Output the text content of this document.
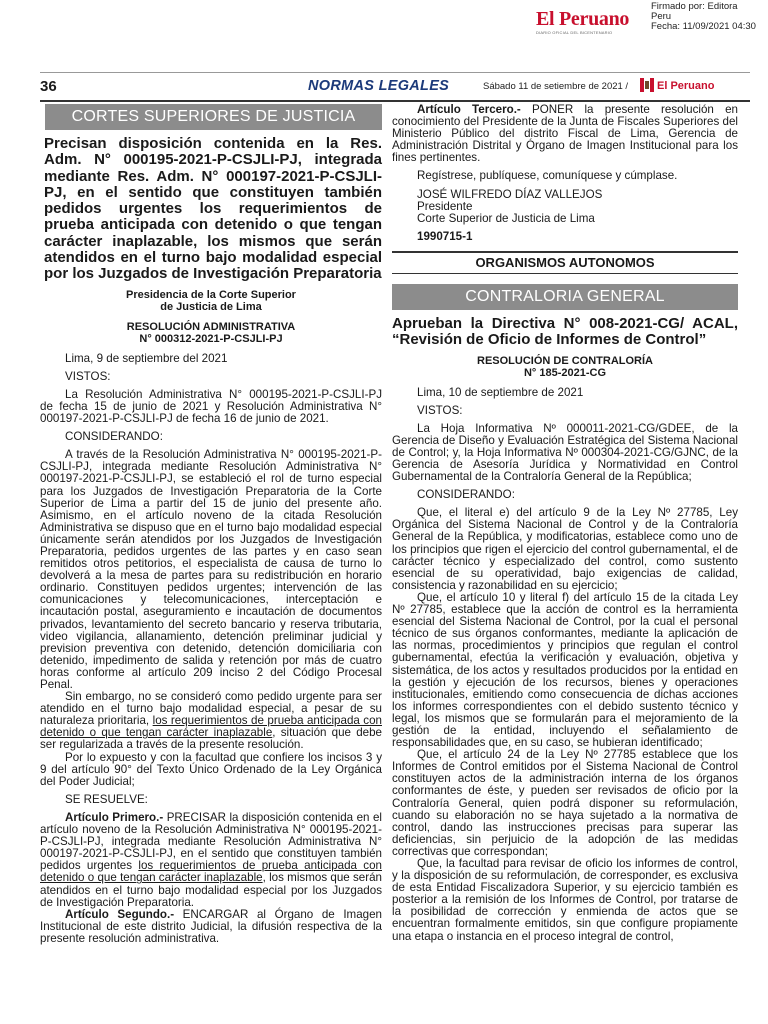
Firmado por: Editora
Peru
Fecha: 11/09/2021 04:30
El Peruano
DIARIO OFICIAL DEL BICENTENARIO
36	NORMAS LEGALES	Sábado 11 de setiembre de 2021 /	El Peruano
CORTES SUPERIORES DE JUSTICIA
Precisan disposición contenida en la Res. Adm. N° 000195-2021-P-CSJLI-PJ, integrada mediante Res. Adm. N° 000197-2021-P-CSJLI-PJ, en el sentido que constituyen también pedidos urgentes los requerimientos de prueba anticipada con detenido o que tengan carácter inaplazable, los mismos que serán atendidos en el turno bajo modalidad especial por los Juzgados de Investigación Preparatoria
Presidencia de la Corte Superior
de Justicia de Lima
RESOLUCIÓN ADMINISTRATIVA
N° 000312-2021-P-CSJLI-PJ

Lima, 9 de septiembre del 2021

VISTOS:

La Resolución Administrativa N° 000195-2021-P-CSJLI-PJ de fecha 15 de junio de 2021 y Resolución Administrativa N° 000197-2021-P-CSJLI-PJ de fecha 16 de junio de 2021.

CONSIDERANDO:

A través de la Resolución Administrativa N° 000195-2021-P-CSJLI-PJ, integrada mediante Resolución Administrativa N° 000197-2021-P-CSJLI-PJ, se estableció el rol de turno especial para los Juzgados de Investigación Preparatoria de la Corte Superior de Lima a partir del 15 de junio del presente año. Asimismo, en el artículo noveno de la citada Resolución Administrativa se dispuso que en el turno bajo modalidad especial únicamente serán atendidos por los Juzgados de Investigación Preparatoria, pedidos urgentes de las partes y en caso sean remitidos otros petitorios, el especialista de causa de turno lo devolverá a la mesa de partes para su redistribución en horario ordinario. Constituyen pedidos urgentes; intervención de las comunicaciones y telecomunicaciones, interceptación e incautación postal, aseguramiento e incautación de documentos privados, levantamiento del secreto bancario y reserva tributaria, video vigilancia, allanamiento, detención preliminar judicial y prevision preventiva con detenido, detención domiciliaria con detenido, impedimento de salida y retención por más de cuatro horas conforme al artículo 209 inciso 2 del Código Procesal Penal.

Sin embargo, no se consideró como pedido urgente para ser atendido en el turno bajo modalidad especial, a pesar de su naturaleza prioritaria, los requerimientos de prueba anticipada con detenido o que tengan carácter inaplazable, situación que debe ser regularizada a través de la presente resolución.

Por lo expuesto y con la facultad que confiere los incisos 3 y 9 del artículo 90° del Texto Único Ordenado de la Ley Orgánica del Poder Judicial;

SE RESUELVE:

Artículo Primero.- PRECISAR la disposición contenida en el artículo noveno de la Resolución Administrativa N° 000195-2021-P-CSJLI-PJ, integrada mediante Resolución Administrativa N° 000197-2021-P-CSJLI-PJ, en el sentido que constituyen también pedidos urgentes los requerimientos de prueba anticipada con detenido o que tengan carácter inaplazable, los mismos que serán atendidos en el turno bajo modalidad especial por los Juzgados de Investigación Preparatoria.

Artículo Segundo.- ENCARGAR al Órgano de Imagen Institucional de este distrito Judicial, la difusión respectiva de la presente resolución administrativa.

Artículo Tercero.- PONER la presente resolución en conocimiento del Presidente de la Junta de Fiscales Superiores del Ministerio Público del distrito Fiscal de Lima, Gerencia de Administración Distrital y Órgano de Imagen Institucional para los fines pertinentes.

Regístrese, publíquese, comuníquese y cúmplase.

JOSÉ WILFREDO DÍAZ VALLEJOS

Presidente

Corte Superior de Justicia de Lima

1990715-1

ORGANISMOS AUTONOMOS
CONTRALORIA GENERAL
Aprueban la Directiva N° 008-2021-CG/ ACAL, “Revisión de Oficio de Informes de Control”
RESOLUCIÓN DE CONTRALORÍA
N° 185-2021-CG

Lima, 10 de septiembre de 2021

VISTOS:

La Hoja Informativa Nº 000011-2021-CG/GDEE, de la Gerencia de Diseño y Evaluación Estratégica del Sistema Nacional de Control; y, la Hoja Informativa Nº 000304-2021-CG/GJNC, de la Gerencia de Asesoría Jurídica y Normatividad en Control Gubernamental de la Contraloría General de la República;

CONSIDERANDO:

Que, el literal e) del artículo 9 de la Ley Nº 27785, Ley Orgánica del Sistema Nacional de Control y de la Contraloría General de la República, y modificatorias, establece como uno de los principios que rigen el ejercicio del control gubernamental, el de carácter técnico y especializado del control, como sustento esencial de su operatividad, bajo exigencias de calidad, consistencia y razonabilidad en su ejercicio;

Que, el artículo 10 y literal f) del artículo 15 de la citada Ley Nº 27785, establece que la acción de control es la herramienta esencial del Sistema Nacional de Control, por la cual el personal técnico de sus órganos conformantes, mediante la aplicación de las normas, procedimientos y principios que regulan el control gubernamental, efectúa la verificación y evaluación, objetiva y sistemática, de los actos y resultados producidos por la entidad en la gestión y ejecución de los recursos, bienes y operaciones institucionales, emitiendo como consecuencia de dichas acciones los informes correspondientes con el debido sustento técnico y legal, los mismos que se formularán para el mejoramiento de la gestión de la entidad, incluyendo el señalamiento de responsabilidades que, en su caso, se hubieran identificado;

Que, el artículo 24 de la Ley Nº 27785 establece que los Informes de Control emitidos por el Sistema Nacional de Control constituyen actos de la administración interna de los órganos conformantes de éste, y pueden ser revisados de oficio por la Contraloría General, quien podrá disponer su reformulación, cuando su elaboración no se haya sujetado a la normativa de control, dando las instrucciones precisas para superar las deficiencias, sin perjuicio de la adopción de las medidas correctivas que correspondan;

Que, la facultad para revisar de oficio los informes de control, y la disposición de su reformulación, de corresponder, es exclusiva de esta Entidad Fiscalizadora Superior, y su ejercicio también es posterior a la remisión de los Informes de Control, por tratarse de la posibilidad de corrección y enmienda de actos que se encuentran formalmente emitidos, sin que configure propiamente una etapa o instancia en el proceso integral de control,
